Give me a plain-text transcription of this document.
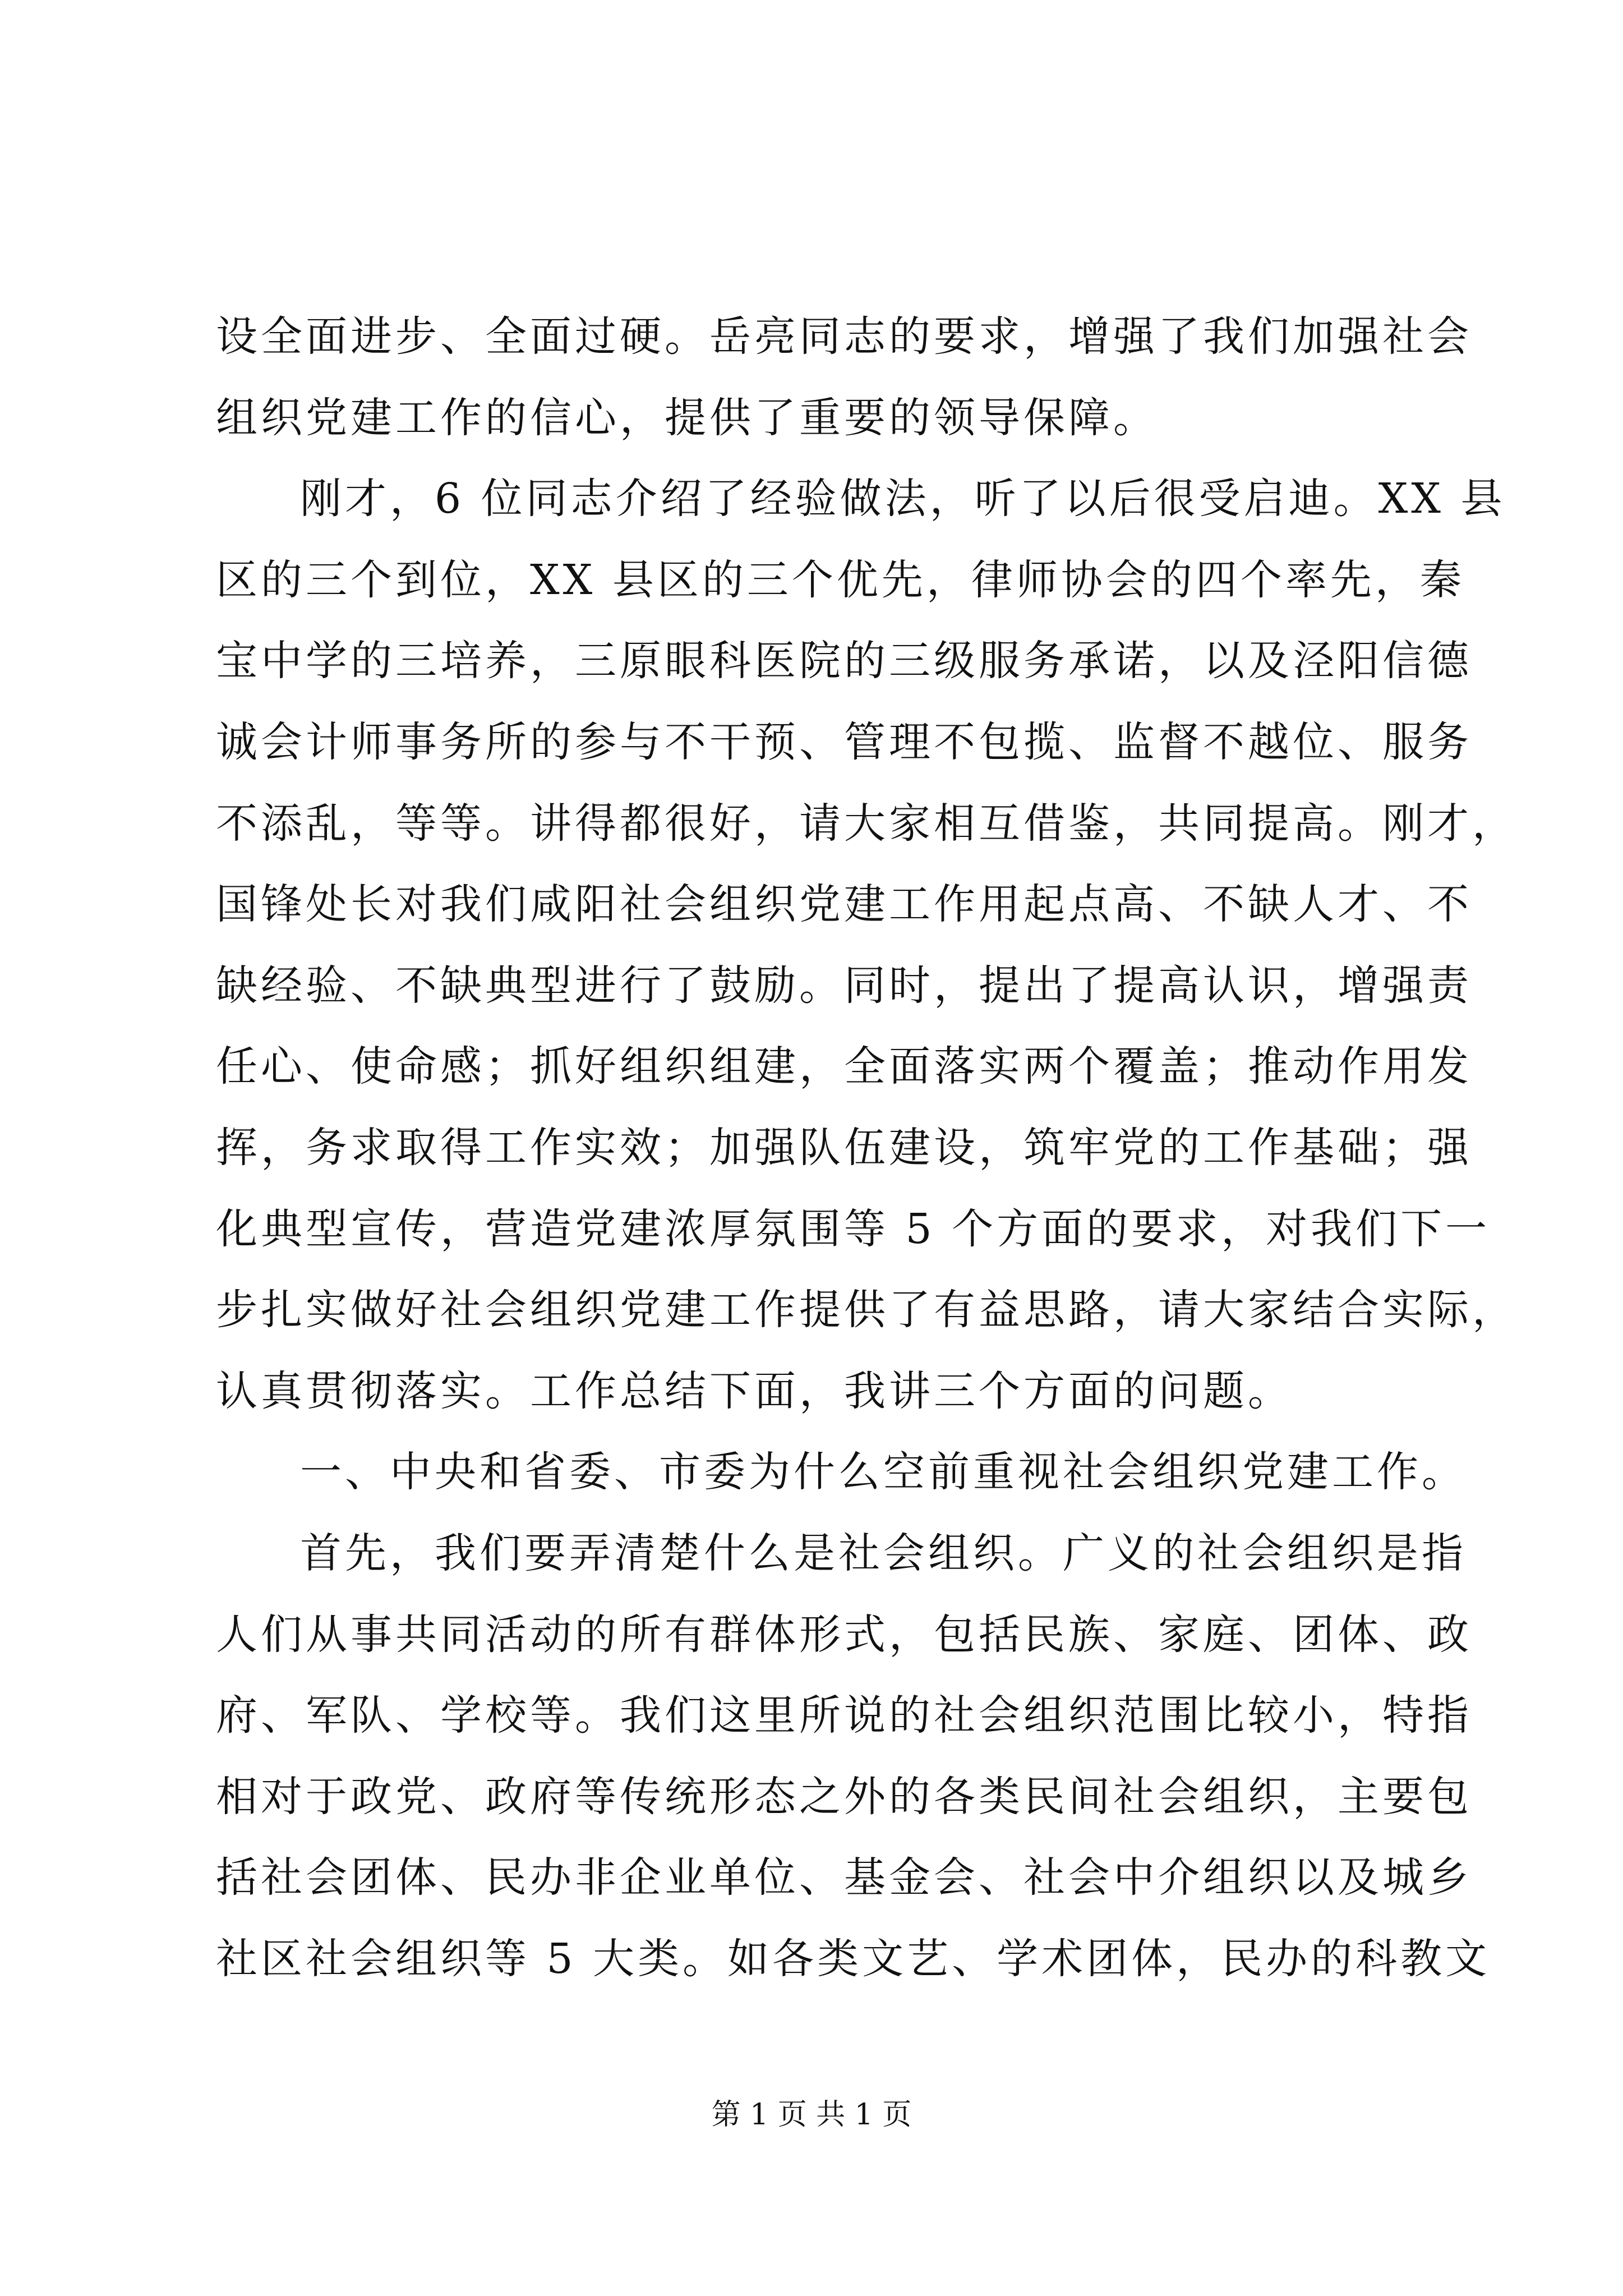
设全面进步、全面过硬。岳亮同志的要求，增强了我们加强社会
组织党建工作的信心，提供了重要的领导保障。
刚才，6 位同志介绍了经验做法，听了以后很受启迪。XX 县
区的三个到位，XX 县区的三个优先，律师协会的四个率先，秦
宝中学的三培养，三原眼科医院的三级服务承诺，以及泾阳信德
诚会计师事务所的参与不干预、管理不包揽、监督不越位、服务
不添乱，等等。讲得都很好，请大家相互借鉴，共同提高。刚才，
国锋处长对我们咸阳社会组织党建工作用起点高、不缺人才、不
缺经验、不缺典型进行了鼓励。同时，提出了提高认识，增强责
任心、使命感；抓好组织组建，全面落实两个覆盖；推动作用发
挥，务求取得工作实效；加强队伍建设，筑牢党的工作基础；强
化典型宣传，营造党建浓厚氛围等 5 个方面的要求，对我们下一
步扎实做好社会组织党建工作提供了有益思路，请大家结合实际，
认真贯彻落实。工作总结下面，我讲三个方面的问题。
一、中央和省委、市委为什么空前重视社会组织党建工作。
首先，我们要弄清楚什么是社会组织。广义的社会组织是指
人们从事共同活动的所有群体形式，包括民族、家庭、团体、政
府、军队、学校等。我们这里所说的社会组织范围比较小，特指
相对于政党、政府等传统形态之外的各类民间社会组织，主要包
括社会团体、民办非企业单位、基金会、社会中介组织以及城乡
社区社会组织等 5 大类。如各类文艺、学术团体，民办的科教文
第 1 页 共 1 页
